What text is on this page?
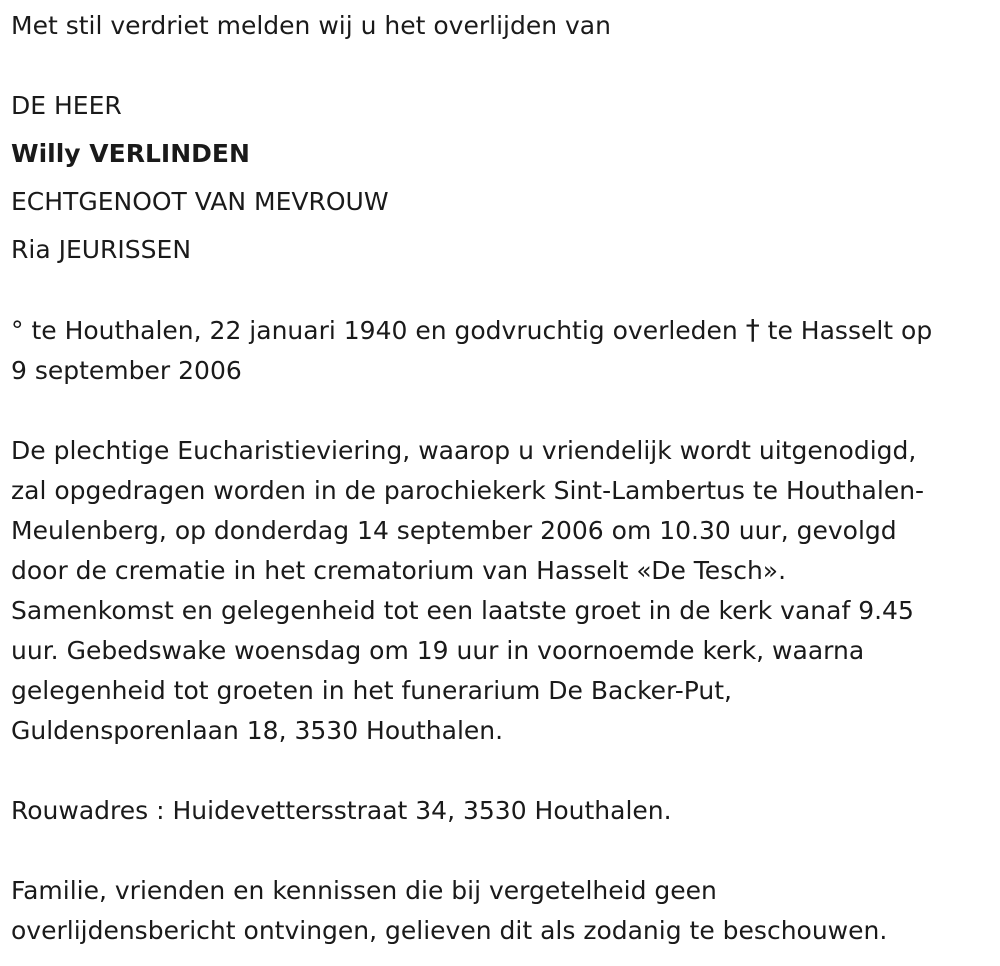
Met stil verdriet melden wij u het overlijden van

DE HEER

Willy VERLINDEN

ECHTGENOOT VAN MEVROUW

Ria JEURISSEN

° te Houthalen, 22 januari 1940 en godvruchtig overleden † te Hasselt op

9 september 2006

De plechtige Eucharistieviering, waarop u vriendelijk wordt uitgenodigd,

zal opgedragen worden in de parochiekerk Sint-Lambertus te Houthalen-

Meulenberg, op donderdag 14 september 2006 om 10.30 uur, gevolgd

door de crematie in het crematorium van Hasselt «De Tesch».

Samenkomst en gelegenheid tot een laatste groet in de kerk vanaf 9.45

uur. Gebedswake woensdag om 19 uur in voornoemde kerk, waarna

gelegenheid tot groeten in het funerarium De Backer-Put,

Guldensporenlaan 18, 3530 Houthalen.

Rouwadres : Huidevettersstraat 34, 3530 Houthalen.

Familie, vrienden en kennissen die bij vergetelheid geen

overlijdensbericht ontvingen, gelieven dit als zodanig te beschouwen.
